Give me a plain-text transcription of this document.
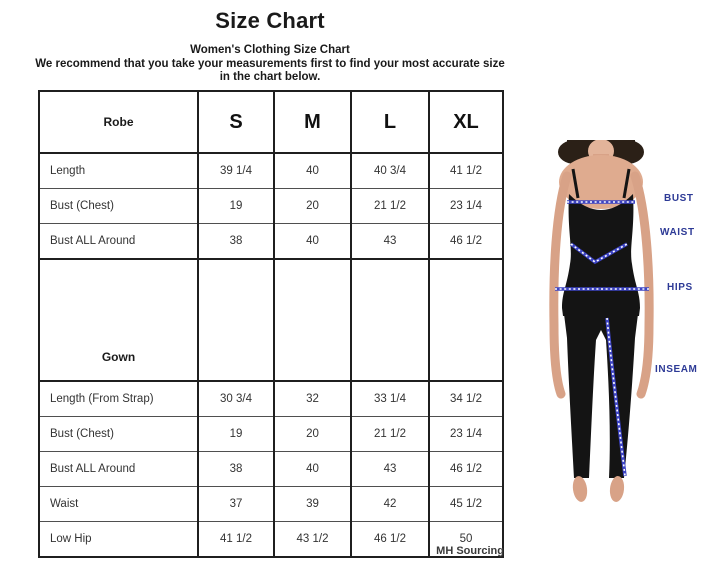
Size Chart
Women's Clothing Size Chart
We recommend that you take your measurements first to find your most accurate size in the chart below.
Robe	S	M	L	XL
Length	39 1/4	40	40 3/4	41 1/2
Bust (Chest)	19	20	21 1/2	23 1/4
Bust ALL Around	38	40	43	46 1/2
Gown				
Length (From Strap)	30 3/4	32	33 1/4	34 1/2
Bust (Chest)	19	20	21 1/2	23 1/4
Bust ALL Around	38	40	43	46 1/2
Waist	37	39	42	45 1/2
Low Hip	41 1/2	43 1/2	46 1/2	50
MH Sourcing
BUST
WAIST
HIPS
INSEAM
